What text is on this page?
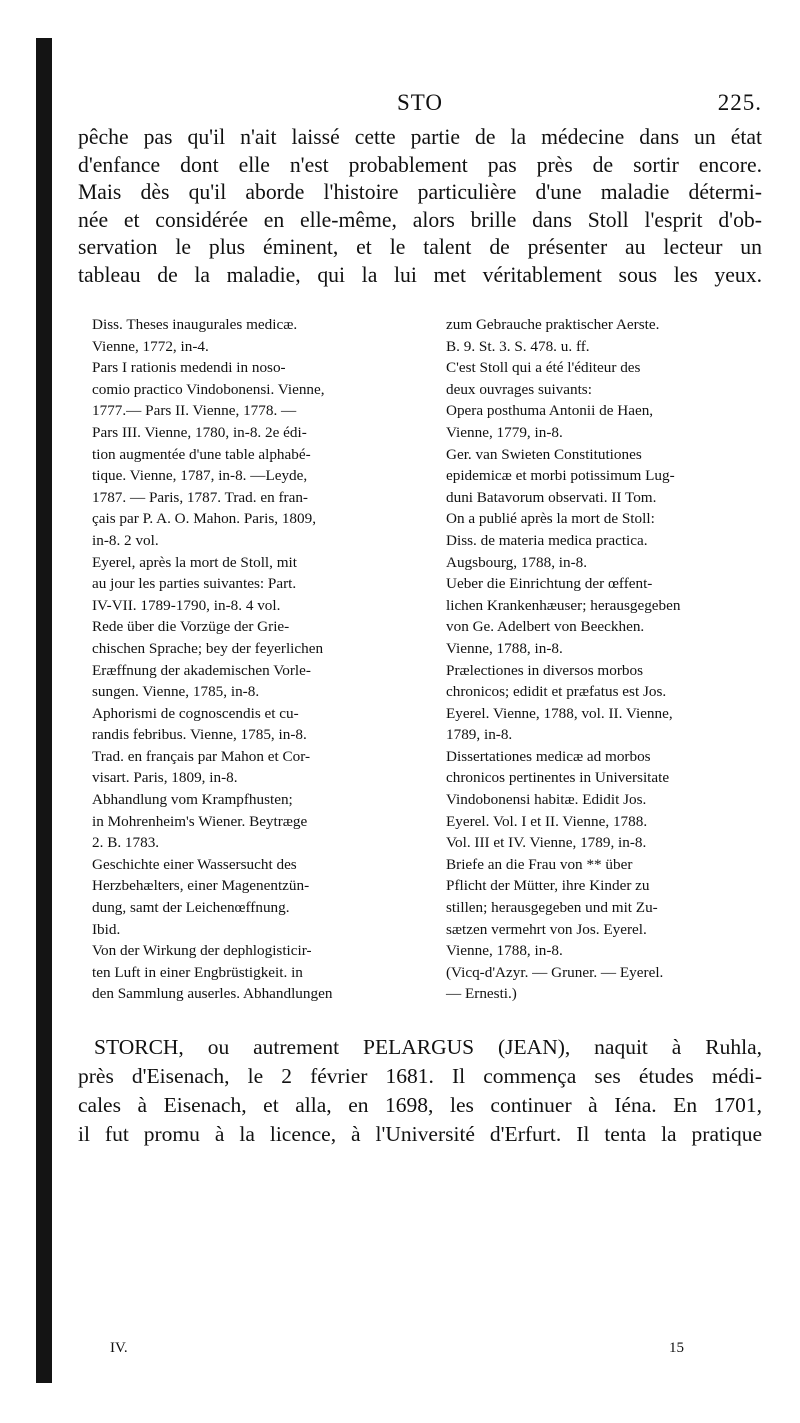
STO	225.
pêche pas qu'il n'ait laissé cette partie de la médecine dans un état
d'enfance dont elle n'est probablement pas près de sortir encore.
Mais dès qu'il aborde l'histoire particulière d'une maladie détermi-
née et considérée en elle-même, alors brille dans Stoll l'esprit d'ob-
servation le plus éminent, et le talent de présenter au lecteur un
tableau de la maladie, qui la lui met véritablement sous les yeux.

Diss. Theses inaugurales medicæ.
Vienne, 1772, in-4.

Pars I rationis medendi in noso-
comio practico Vindobonensi. Vienne,
1777.— Pars II. Vienne, 1778. —
Pars III. Vienne, 1780, in-8. 2e édi-
tion augmentée d'une table alphabé-
tique. Vienne, 1787, in-8. —Leyde,
1787. — Paris, 1787. Trad. en fran-
çais par P. A. O. Mahon. Paris, 1809,
in-8. 2 vol.

Eyerel, après la mort de Stoll, mit
au jour les parties suivantes: Part.
IV-VII. 1789-1790, in-8. 4 vol.

Rede über die Vorzüge der Grie-
chischen Sprache; bey der feyerlichen
Eræffnung der akademischen Vorle-
sungen. Vienne, 1785, in-8.

Aphorismi de cognoscendis et cu-
randis febribus. Vienne, 1785, in-8.
Trad. en français par Mahon et Cor-
visart. Paris, 1809, in-8.

Abhandlung vom Krampfhusten;
in Mohrenheim's Wiener. Beytræge
2. B. 1783.

Geschichte einer Wassersucht des
Herzbehælters, einer Magenentzün-
dung, samt der Leichenœffnung.
Ibid.

Von der Wirkung der dephlogisticir-
ten Luft in einer Engbrüstigkeit. in
den Sammlung auserles. Abhandlungen

zum Gebrauche praktischer Aerste.
B. 9. St. 3. S. 478. u. ff.

C'est Stoll qui a été l'éditeur des
deux ouvrages suivants:

Opera posthuma Antonii de Haen,
Vienne, 1779, in-8.

Ger. van Swieten Constitutiones
epidemicæ et morbi potissimum Lug-
duni Batavorum observati. II Tom.

On a publié après la mort de Stoll:

Diss. de materia medica practica.
Augsbourg, 1788, in-8.

Ueber die Einrichtung der œffent-
lichen Krankenhæuser; herausgegeben
von Ge. Adelbert von Beeckhen.
Vienne, 1788, in-8.

Prælectiones in diversos morbos
chronicos; edidit et præfatus est Jos.
Eyerel. Vienne, 1788, vol. II. Vienne,
1789, in-8.

Dissertationes medicæ ad morbos
chronicos pertinentes in Universitate
Vindobonensi habitæ. Edidit Jos.
Eyerel. Vol. I et II. Vienne, 1788.
Vol. III et IV. Vienne, 1789, in-8.

Briefe an die Frau von ** über
Pflicht der Mütter, ihre Kinder zu
stillen; herausgegeben und mit Zu-
sætzen vermehrt von Jos. Eyerel.
Vienne, 1788, in-8.

(Vicq-d'Azyr. — Gruner. — Eyerel.
— Ernesti.)

STORCH, ou autrement PELARGUS (JEAN), naquit à Ruhla,
près d'Eisenach, le 2 février 1681. Il commença ses études médi-
cales à Eisenach, et alla, en 1698, les continuer à Iéna. En 1701,
il fut promu à la licence, à l'Université d'Erfurt. Il tenta la pratique
IV.	15
